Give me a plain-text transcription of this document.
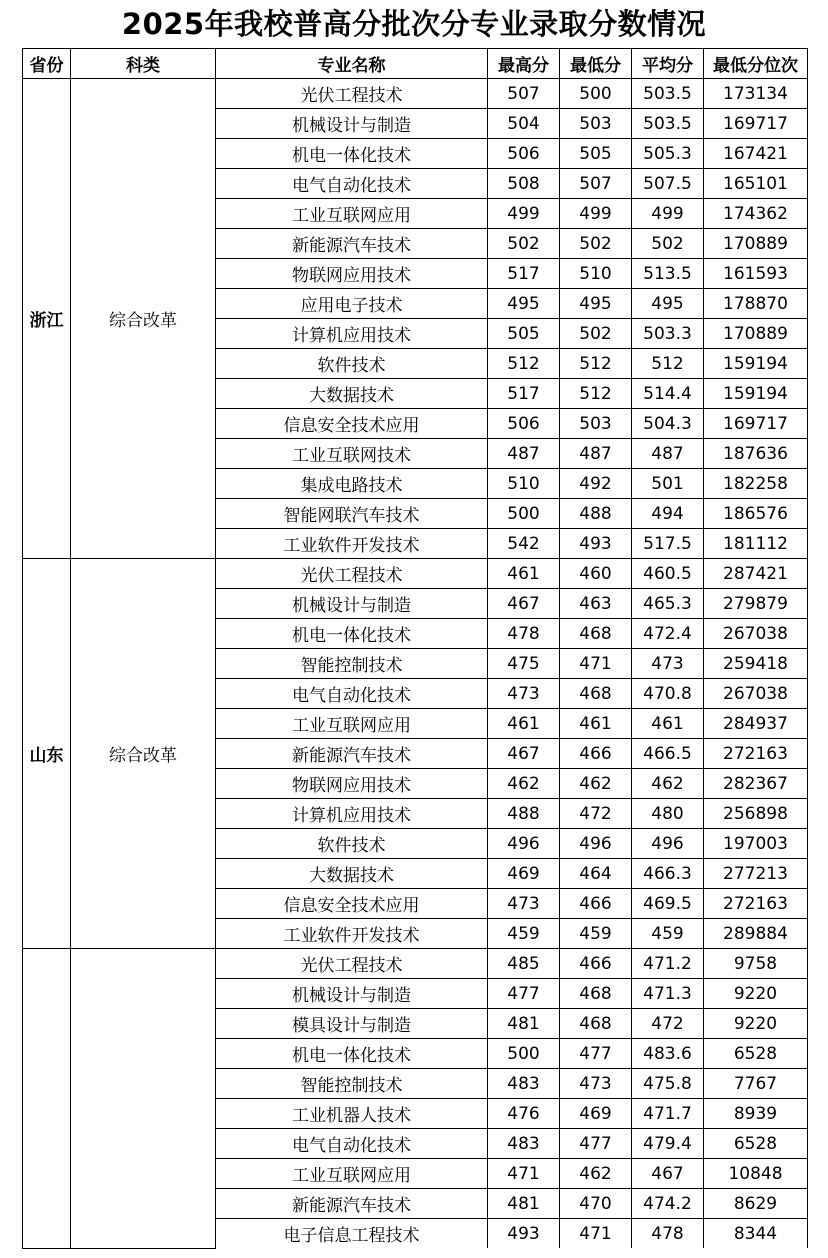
2025年我校普高分批次分专业录取分数情况
省份	科类	专业名称	最高分	最低分	平均分	最低分位次
浙江	综合改革	光伏工程技术	507	500	503.5	173134
		机械设计与制造	504	503	503.5	169717
		机电一体化技术	506	505	505.3	167421
		电气自动化技术	508	507	507.5	165101
		工业互联网应用	499	499	499	174362
		新能源汽车技术	502	502	502	170889
		物联网应用技术	517	510	513.5	161593
		应用电子技术	495	495	495	178870
		计算机应用技术	505	502	503.3	170889
		软件技术	512	512	512	159194
		大数据技术	517	512	514.4	159194
		信息安全技术应用	506	503	504.3	169717
		工业互联网技术	487	487	487	187636
		集成电路技术	510	492	501	182258
		智能网联汽车技术	500	488	494	186576
		工业软件开发技术	542	493	517.5	181112
山东	综合改革	光伏工程技术	461	460	460.5	287421
		机械设计与制造	467	463	465.3	279879
		机电一体化技术	478	468	472.4	267038
		智能控制技术	475	471	473	259418
		电气自动化技术	473	468	470.8	267038
		工业互联网应用	461	461	461	284937
		新能源汽车技术	467	466	466.5	272163
		物联网应用技术	462	462	462	282367
		计算机应用技术	488	472	480	256898
		软件技术	496	496	496	197003
		大数据技术	469	464	466.3	277213
		信息安全技术应用	473	466	469.5	272163
		工业软件开发技术	459	459	459	289884
		光伏工程技术	485	466	471.2	9758
		机械设计与制造	477	468	471.3	9220
		模具设计与制造	481	468	472	9220
		机电一体化技术	500	477	483.6	6528
		智能控制技术	483	473	475.8	7767
		工业机器人技术	476	469	471.7	8939
		电气自动化技术	483	477	479.4	6528
		工业互联网应用	471	462	467	10848
		新能源汽车技术	481	470	474.2	8629
		电子信息工程技术	493	471	478	8344
